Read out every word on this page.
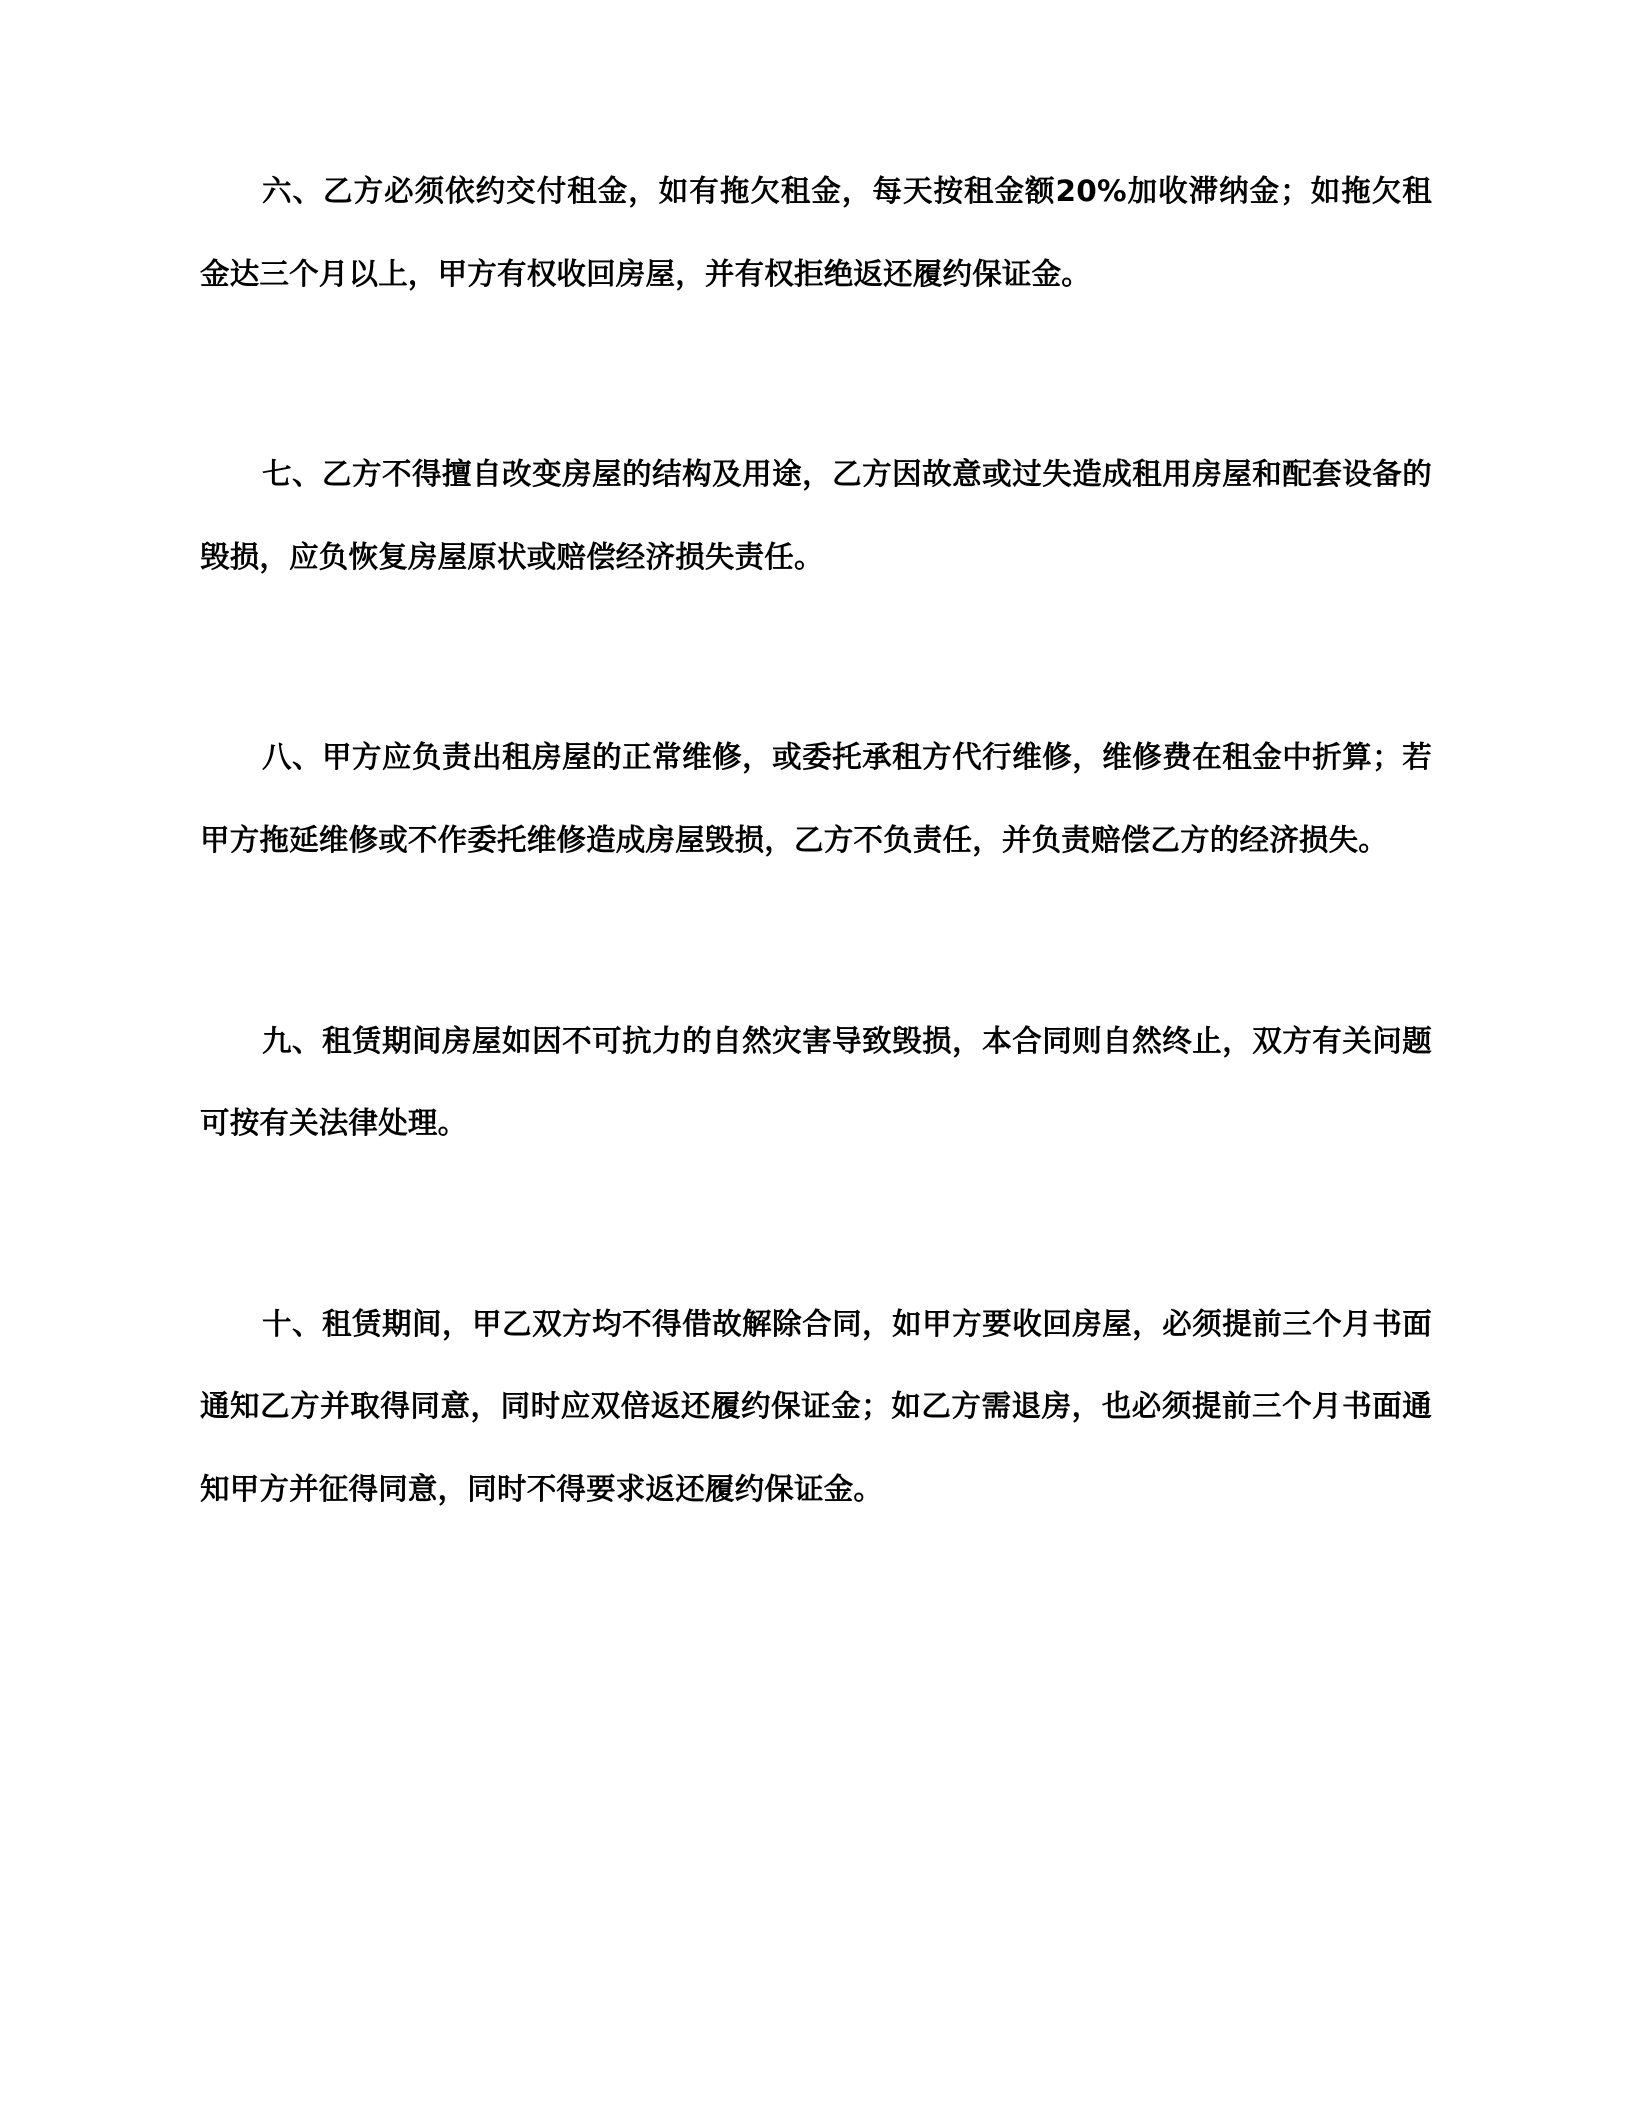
六、乙方必须依约交付租金，如有拖欠租金，每天按租金额20%加收滞纳金；如拖欠租金达三个月以上，甲方有权收回房屋，并有权拒绝返还履约保证金。

七、乙方不得擅自改变房屋的结构及用途，乙方因故意或过失造成租用房屋和配套设备的毁损，应负恢复房屋原状或赔偿经济损失责任。

八、甲方应负责出租房屋的正常维修，或委托承租方代行维修，维修费在租金中折算；若甲方拖延维修或不作委托维修造成房屋毁损，乙方不负责任，并负责赔偿乙方的经济损失。

九、租赁期间房屋如因不可抗力的自然灾害导致毁损，本合同则自然终止，双方有关问题可按有关法律处理。

十、租赁期间，甲乙双方均不得借故解除合同，如甲方要收回房屋，必须提前三个月书面通知乙方并取得同意，同时应双倍返还履约保证金；如乙方需退房，也必须提前三个月书面通知甲方并征得同意，同时不得要求返还履约保证金。
